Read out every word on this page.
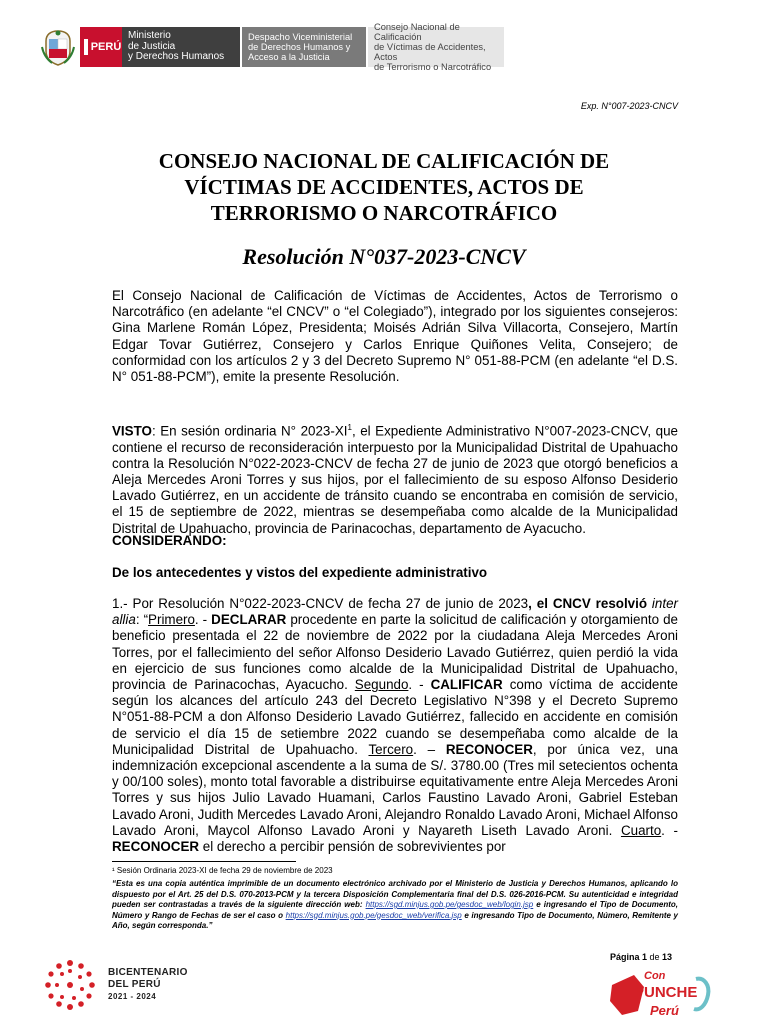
PERÚ
Ministerio
de Justicia
y Derechos Humanos
Despacho Viceministerial
de Derechos Humanos y
Acceso a la Justicia
Consejo Nacional de Calificación
de Víctimas de Accidentes, Actos
de Terrorismo o Narcotráfico
Exp. N°007-2023-CNCV
CONSEJO NACIONAL DE CALIFICACIÓN DE
VÍCTIMAS DE ACCIDENTES, ACTOS DE
TERRORISMO O NARCOTRÁFICO
Resolución N°037-2023-CNCV
El Consejo Nacional de Calificación de Víctimas de Accidentes, Actos de Terrorismo o Narcotráfico (en adelante “el CNCV” o “el Colegiado”), integrado por los siguientes consejeros: Gina Marlene Román López, Presidenta; Moisés Adrián Silva Villacorta, Consejero, Martín Edgar Tovar Gutiérrez, Consejero y Carlos Enrique Quiñones Velita, Consejero; de conformidad con los artículos 2 y 3 del Decreto Supremo N° 051-88-PCM (en adelante “el D.S. N° 051-88-PCM”), emite la presente Resolución.
VISTO: En sesión ordinaria N° $2023-XI^1$, el Expediente Administrativo N°007-2023-CNCV, que contiene el recurso de reconsideración interpuesto por la Municipalidad Distrital de Upahuacho contra la Resolución N°022-2023-CNCV de fecha 27 de junio de 2023 que otorgó beneficios a Aleja Mercedes Aroni Torres y sus hijos, por el fallecimiento de su esposo Alfonso Desiderio Lavado Gutiérrez, en un accidente de tránsito cuando se encontraba en comisión de servicio, el 15 de septiembre de 2022, mientras se desempeñaba como alcalde de la Municipalidad Distrital de Upahuacho, provincia de Parinacochas, departamento de Ayacucho.
CONSIDERANDO:
De los antecedentes y vistos del expediente administrativo
1.- Por Resolución N°022-2023-CNCV de fecha 27 de junio de 2023, el CNCV resolvió inter allia: “Primero. - DECLARAR procedente en parte la solicitud de calificación y otorgamiento de beneficio presentada el 22 de noviembre de 2022 por la ciudadana Aleja Mercedes Aroni Torres, por el fallecimiento del señor Alfonso Desiderio Lavado Gutiérrez, quien perdió la vida en ejercicio de sus funciones como alcalde de la Municipalidad Distrital de Upahuacho, provincia de Parinacochas, Ayacucho. Segundo. - CALIFICAR como víctima de accidente según los alcances del artículo 243 del Decreto Legislativo N°398 y el Decreto Supremo N°051-88-PCM a don Alfonso Desiderio Lavado Gutiérrez, fallecido en accidente en comisión de servicio el día 15 de setiembre 2022 cuando se desempeñaba como alcalde de la Municipalidad Distrital de Upahuacho. Tercero. – RECONOCER, por única vez, una indemnización excepcional ascendente a la suma de S/. 3780.00 (Tres mil setecientos ochenta y 00/100 soles), monto total favorable a distribuirse equitativamente entre Aleja Mercedes Aroni Torres y sus hijos Julio Lavado Huamani, Carlos Faustino Lavado Aroni, Gabriel Esteban Lavado Aroni, Judith Mercedes Lavado Aroni, Alejandro Ronaldo Lavado Aroni, Michael Alfonso Lavado Aroni, Maycol Alfonso Lavado Aroni y Nayareth Liseth Lavado Aroni. Cuarto. -RECONOCER el derecho a percibir pensión de sobrevivientes por
¹ Sesión Ordinaria 2023-XI de fecha 29 de noviembre de 2023
“Esta es una copia auténtica imprimible de un documento electrónico archivado por el Ministerio de Justicia y Derechos Humanos, aplicando lo dispuesto por el Art. 25 del D.S. 070-2013-PCM y la tercera Disposición Complementaria final del D.S. 026-2016-PCM. Su autenticidad e integridad pueden ser contrastadas a través de la siguiente dirección web: https://sgd.minjus.gob.pe/gesdoc_web/login.jsp e ingresando el Tipo de Documento, Número y Rango de Fechas de ser el caso o https://sgd.minjus.gob.pe/gesdoc_web/verifica.jsp e ingresando Tipo de Documento, Número, Remitente y Año, según corresponda.”
Página 1 de 13
BICENTENARIO
DEL PERÚ
2021 - 2024
Con
PUNCHE
Perú
